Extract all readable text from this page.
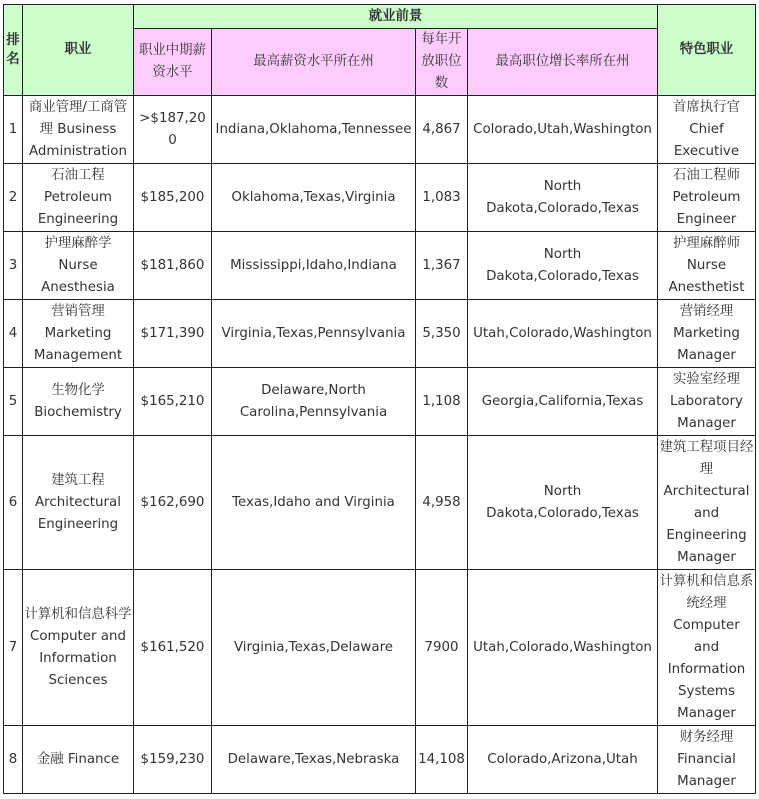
排名	职业	就业前景				特色职业
		职业中期薪资水平	最高薪资水平所在州	每年开放职位数	最高职位增长率所在州	
1	商业管理/工商管理 Business Administration	>$187,200	Indiana,Oklahoma,Tennessee	4,867	Colorado,Utah,Washington	首席执行官 Chief Executive
2	石油工程 Petroleum Engineering	$185,200	Oklahoma,Texas,Virginia	1,083	North Dakota,Colorado,Texas	石油工程师 Petroleum Engineer
3	护理麻醉学 Nurse Anesthesia	$181,860	Mississippi,Idaho,Indiana	1,367	North Dakota,Colorado,Texas	护理麻醉师 Nurse Anesthetist
4	营销管理 Marketing Management	$171,390	Virginia,Texas,Pennsylvania	5,350	Utah,Colorado,Washington	营销经理 Marketing Manager
5	生物化学 Biochemistry	$165,210	Delaware,North Carolina,Pennsylvania	1,108	Georgia,California,Texas	实验室经理 Laboratory Manager
6	建筑工程 Architectural Engineering	$162,690	Texas,Idaho and Virginia	4,958	North Dakota,Colorado,Texas	建筑工程项目经理 Architectural and Engineering Manager
7	计算机和信息科学 Computer and Information Sciences	$161,520	Virginia,Texas,Delaware	7900	Utah,Colorado,Washington	计算机和信息系统经理 Computer and Information Systems Manager
8	金融 Finance	$159,230	Delaware,Texas,Nebraska	14,108	Colorado,Arizona,Utah	财务经理 Financial Manager
